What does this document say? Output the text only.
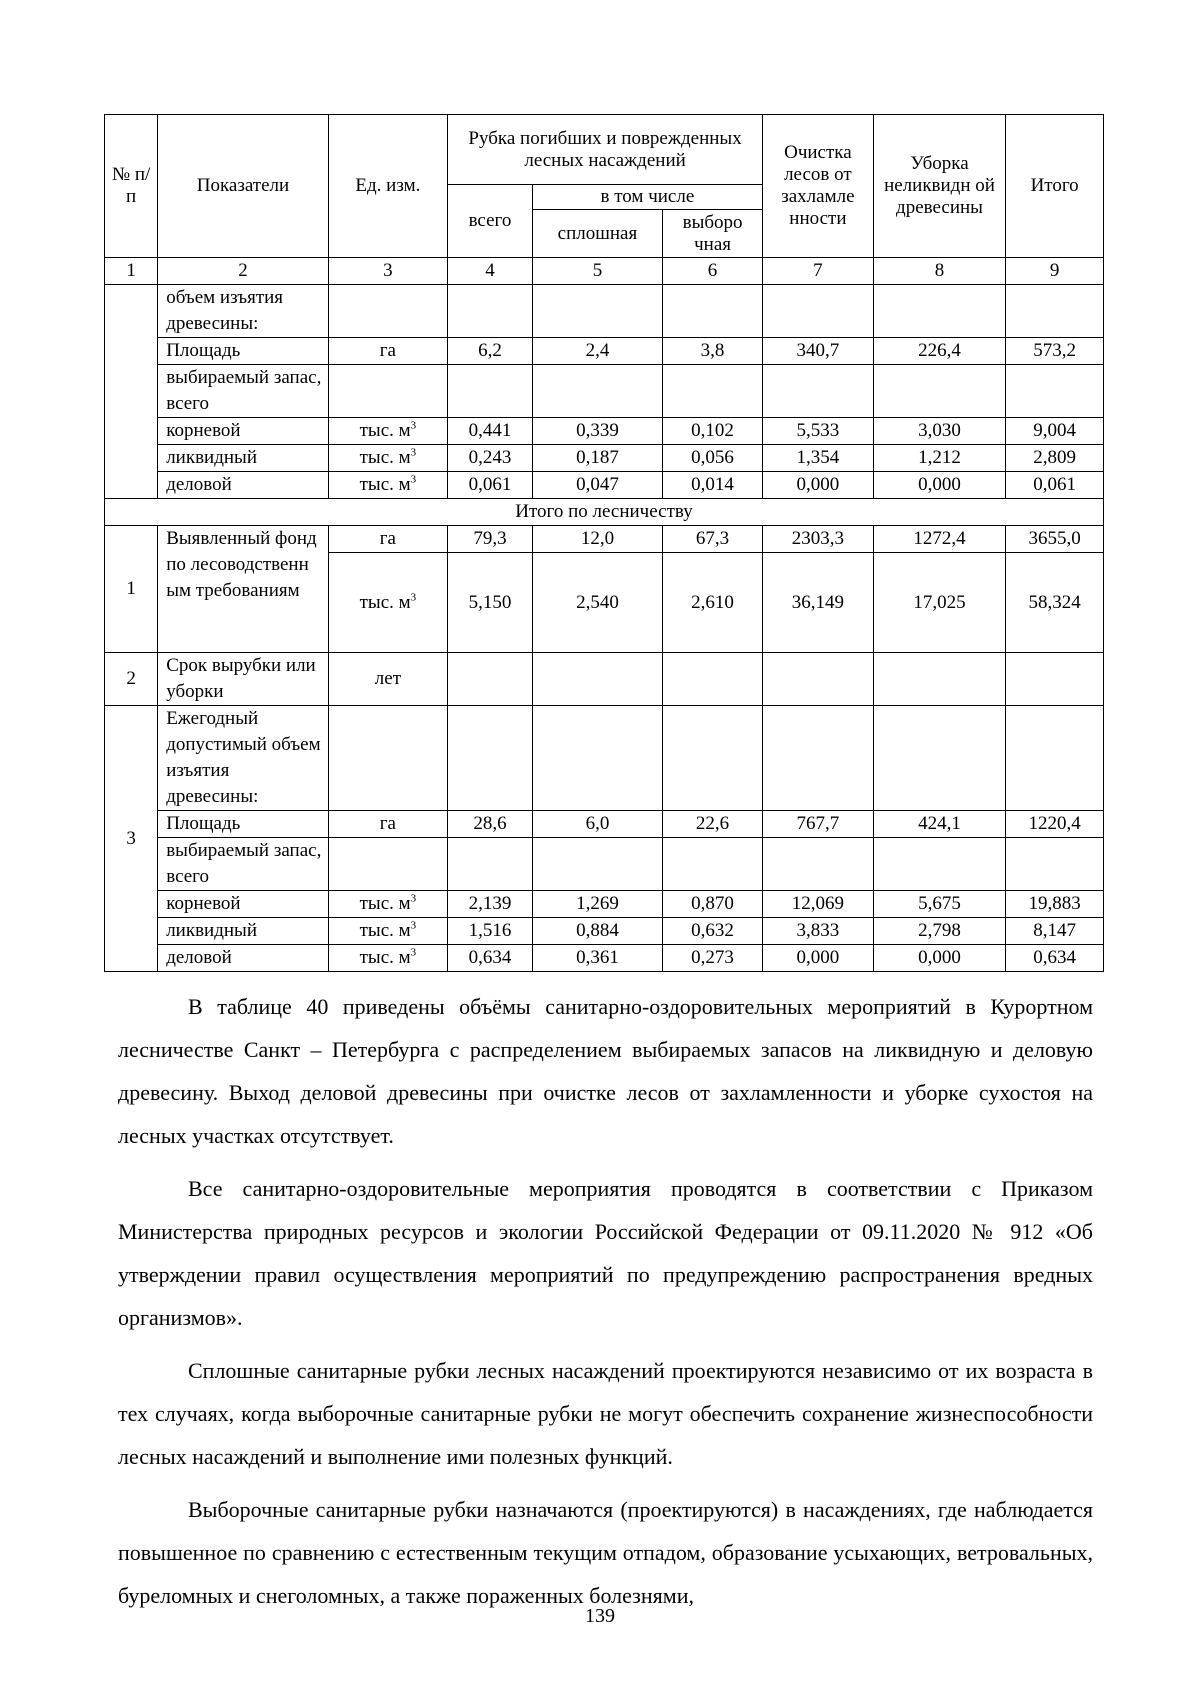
№ п/п	Показатели	Ед. изм.	Рубка погибших и поврежденных лесных насаждений			Очистка лесов от захламле нности	Уборка неликвидн ой древесины	Итого
			всего	в том числе				
				сплошная	выборо чная			
1	2	3	4	5	6	7	8	9
	объем изъятия древесины:							
	Площадь	га	6,2	2,4	3,8	340,7	226,4	573,2
	выбираемый запас, всего							
	корневой	тыс. $м^3$	0,441	0,339	0,102	5,533	3,030	9,004
	ликвидный	тыс. $м^3$	0,243	0,187	0,056	1,354	1,212	2,809
	деловой	тыс. $м^3$	0,061	0,047	0,014	0,000	0,000	0,061
Итого по лесничеству								
1	Выявленный фонд по лесоводственн ым требованиям	га	79,3	12,0	67,3	2303,3	1272,4	3655,0
		тыс. $м^3$	5,150	2,540	2,610	36,149	17,025	58,324
2	Срок вырубки или уборки	лет						
3	Ежегодный допустимый объем изъятия древесины:							
	Площадь	га	28,6	6,0	22,6	767,7	424,1	1220,4
	выбираемый запас, всего							
	корневой	тыс. $м^3$	2,139	1,269	0,870	12,069	5,675	19,883
	ликвидный	тыс. $м^3$	1,516	0,884	0,632	3,833	2,798	8,147
	деловой	тыс. $м^3$	0,634	0,361	0,273	0,000	0,000	0,634

В таблице 40 приведены объёмы санитарно-оздоровительных мероприятий в Курортном лесничестве Санкт – Петербурга с распределением выбираемых запасов на ликвидную и деловую древесину. Выход деловой древесины при очистке лесов от захламленности и уборке сухостоя на лесных участках отсутствует.

Все санитарно-оздоровительные мероприятия проводятся в соответствии с Приказом Министерства природных ресурсов и экологии Российской Федерации от 09.11.2020 № 912 «Об утверждении правил осуществления мероприятий по предупреждению распространения вредных организмов».

Сплошные санитарные рубки лесных насаждений проектируются независимо от их возраста в тех случаях, когда выборочные санитарные рубки не могут обеспечить сохранение жизнеспособности лесных насаждений и выполнение ими полезных функций.

Выборочные санитарные рубки назначаются (проектируются) в насаждениях, где наблюдается повышенное по сравнению с естественным текущим отпадом, образование усыхающих, ветровальных, буреломных и снеголомных, а также пораженных болезнями,

139
